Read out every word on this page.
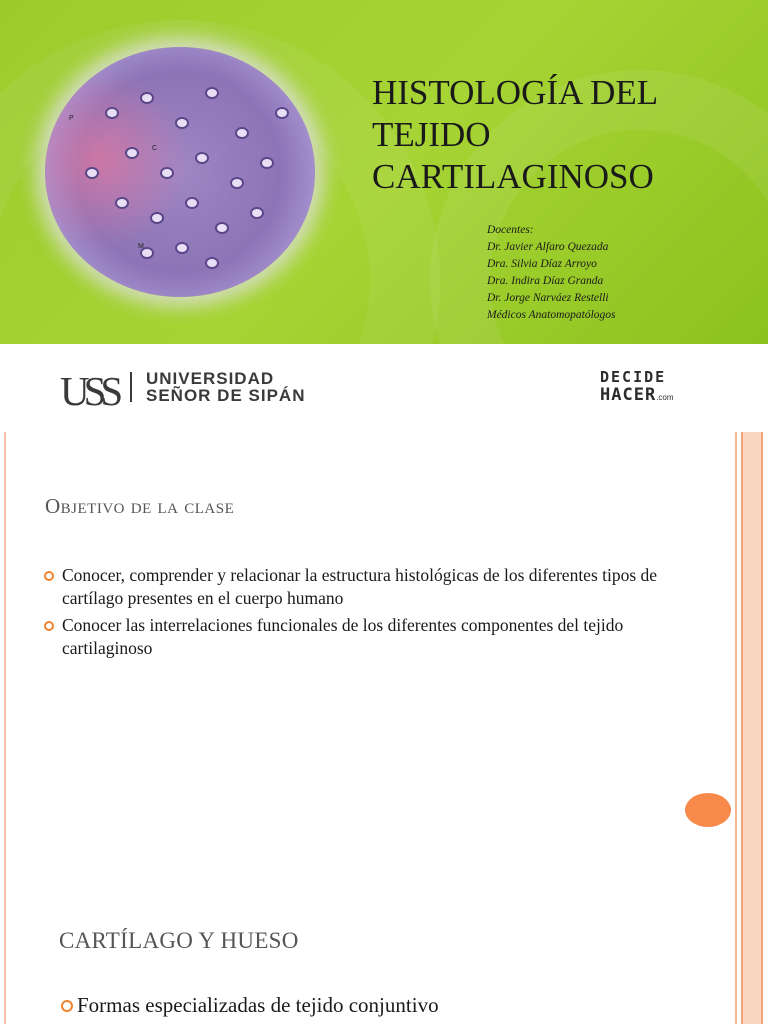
P
C
M
HISTOLOGÍA DEL
TEJIDO
CARTILAGINOSO
Docentes:
Dr. Javier Alfaro Quezada
Dra. Silvia Díaz Arroyo
Dra. Indira Díaz Granda
Dr. Jorge Narváez Restelli
Médicos Anatomopatólogos
USS UNIVERSIDAD
SEÑOR DE SIPÁN
DECIDE
HACER.com
Objetivo de la clase
Conocer, comprender y relacionar la estructura histológicas de los diferentes tipos de cartílago presentes en el cuerpo humano
Conocer las interrelaciones funcionales de los diferentes componentes del tejido cartilaginoso
CARTÍLAGO Y HUESO
Formas especializadas de tejido conjuntivo
